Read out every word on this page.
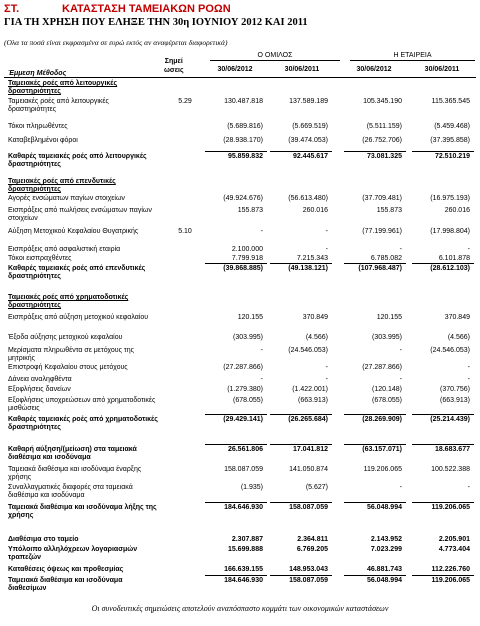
ΣΤ.	ΚΑΤΑΣΤΑΣΗ ΤΑΜΕΙΑΚΩΝ ΡΟΩΝ
ΓΙΑ ΤΗ ΧΡΗΣΗ ΠΟΥ ΕΛΗΞΕ ΤΗΝ 30η ΙΟΥΝΙΟΥ 2012 ΚΑΙ 2011
(Ολα τα ποσά είναι εκφρασμένα σε ευρώ εκτός αν αναφέρεται διαφορετικά)
Ο ΟΜΙΛΟΣ	Η ΕΤΑΙΡΕΙΑ
Σημεί
ωσεις
Έμμεση Μέθοδος
30/06/2012	30/06/2011	30/06/2012	30/06/2011
Ταμειακές ροές από λειτουργικές δραστηριότητες
Ταμειακές ροές από λειτουργικές δραστηριότητες
5.29	130.487.818	137.589.189	105.345.190	115.365.545
Τόκοι πληρωθέντες	(5.689.816)	(5.669.519)	(5.511.159)	(5.459.468)
Καταβεβλημένοι φόροι	(28.938.170)	(39.474.053)	(26.752.706)	(37.395.858)
Καθαρές ταμειακές ροές από λειτουργικές δραστηριότητες
95.859.832	92.445.617	73.081.325	72.510.219
Ταμειακές ροές από επενδυτικές δραστηριότητες
Αγορές ενσώματων παγίων στοιχείων	(49.924.676)	(56.613.480)	(37.709.481)	(16.975.193)
Εισπράξεις από πωλήσεις ενσώματων παγίων στοιχείων
155.873	260.016	155.873	260.016
Αύξηση Μετοχικού Κεφαλαίου Θυγατρικής	5.10	-	-	(77.199.961)	(17.998.804)
Εισπράξεις από ασφαλιστική εταιρία	2.100.000	-	-	-
Τόκοι εισπραχθέντες	7.799.918	7.215.343	6.785.082	6.101.878
Καθαρές ταμειακές ροές από επενδυτικές δραστηριότητες
(39.868.885)	(49.138.121)	(107.968.487)	(28.612.103)
Ταμειακές ροές από χρηματοδοτικές δραστηριότητες
Εισπράξεις από αύξηση μετοχικού κεφαλαίου	120.155	370.849	120.155	370.849
Έξοδα αύξησης μετοχικού κεφαλαίου	(303.995)	(4.566)	(303.995)	(4.566)
Μερίσματα πληρωθέντα σε μετόχους της μητρικής
-	(24.546.053)	-	(24.546.053)
Επιστροφή Κεφαλαίου στους μετόχους	(27.287.866)	-	(27.287.866)	-
Δάνεια αναληφθέντα	-	-	-	-
Εξοφλήσεις δανείων	(1.279.380)	(1.422.001)	(120.148)	(370.756)
Εξοφλήσεις υποχρεώσεων από χρηματοδοτικές μισθώσεις
(678.055)	(663.913)	(678.055)	(663.913)
Καθαρές ταμειακές ροές από χρηματοδοτικές δραστηριότητες
(29.429.141)	(26.265.684)	(28.269.909)	(25.214.439)
Καθαρή αύξηση/(μείωση) στα ταμειακά διαθέσιμα και ισοδύναμα
26.561.806	17.041.812	(63.157.071)	18.683.677
Ταμειακά διαθέσιμα και ισοδύναμα έναρξης χρήσης
158.087.059	141.050.874	119.206.065	100.522.388
Συναλλαγματικές διαφορές στα ταμειακά διαθέσιμα και ισοδύναμα
(1.935)	(5.627)	-	-
Ταμειακά διαθέσιμα και ισοδύναμα λήξης της χρήσης
184.646.930	158.087.059	56.048.994	119.206.065
Διαθέσιμα στο ταμείο	2.307.887	2.364.811	2.143.952	2.205.901
Υπόλοιπο αλληλόχρεων λογαριασμών τραπεζών
15.699.888	6.769.205	7.023.299	4.773.404
Καταθέσεις όψεως και προθεσμίας	166.639.155	148.953.043	46.881.743	112.226.760
Ταμειακά διαθέσιμα και ισοδύναμα διαθεσίμων
184.646.930	158.087.059	56.048.994	119.206.065
Οι συνοδευτικές σημειώσεις αποτελούν αναπόσπαστο κομμάτι των οικονομικών καταστάσεων
